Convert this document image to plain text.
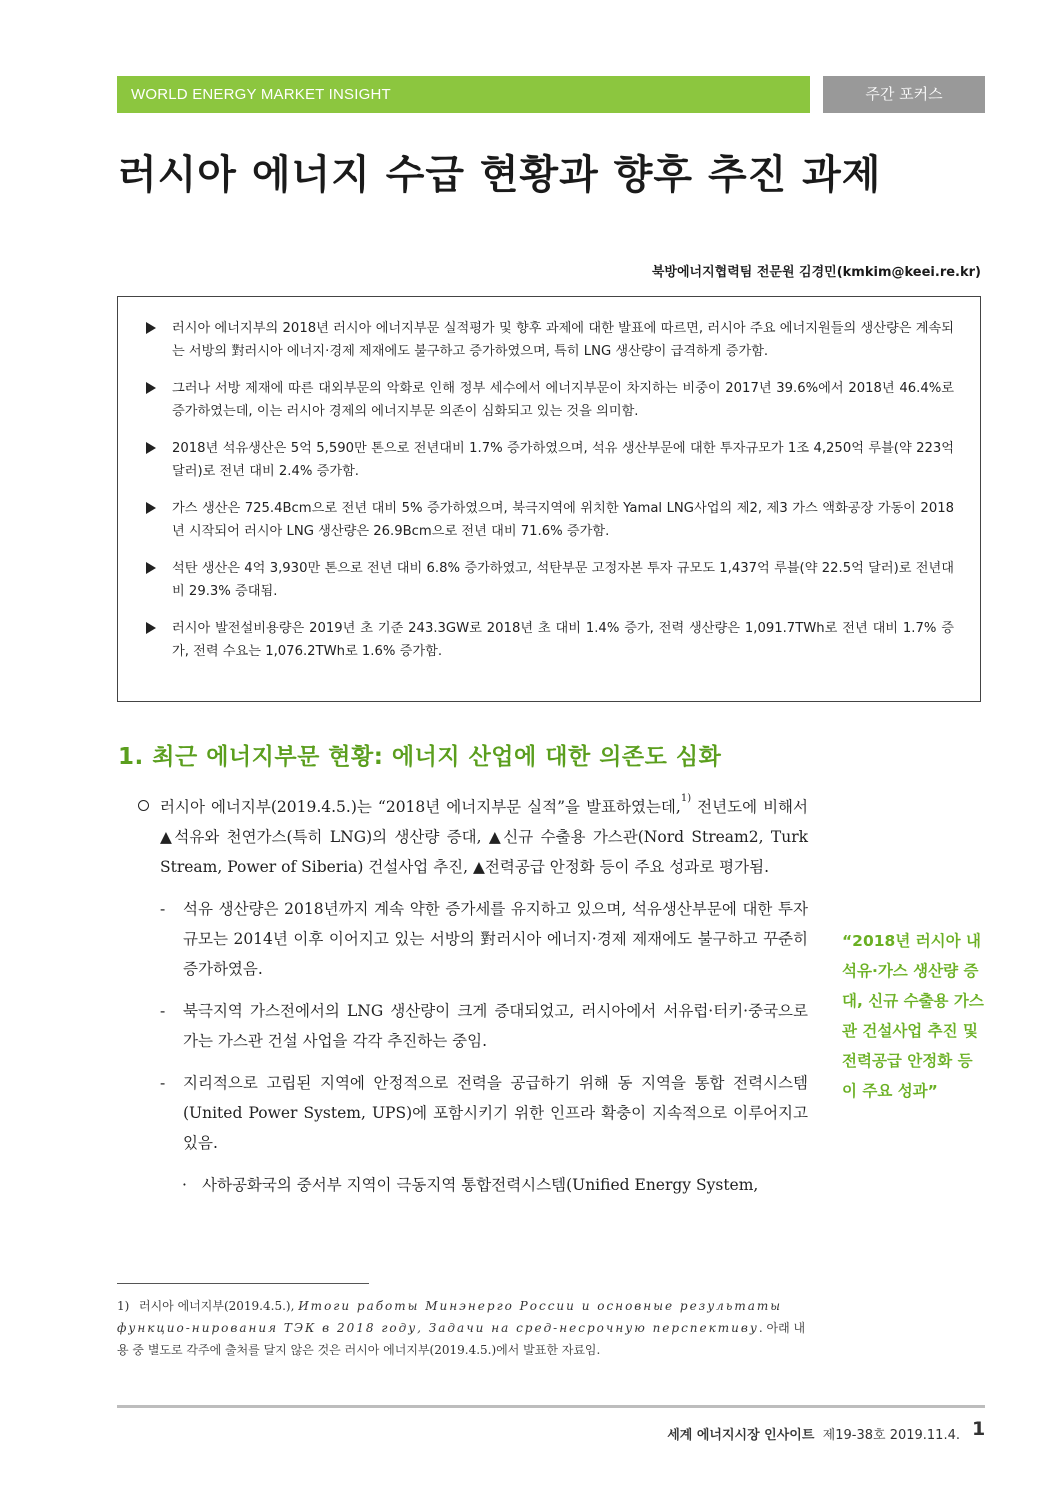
WORLD ENERGY MARKET INSIGHT	주간 포커스
러시아 에너지 수급 현황과 향후 추진 과제
북방에너지협력팀 전문원 김경민(kmkim@keei.re.kr)
러시아 에너지부의 2018년 러시아 에너지부문 실적평가 및 향후 과제에 대한 발표에 따르면, 러시아 주요 에너지원들의 생산량은 계속되는 서방의 對러시아 에너지·경제 제재에도 불구하고 증가하였으며, 특히 LNG 생산량이 급격하게 증가함.
그러나 서방 제재에 따른 대외부문의 악화로 인해 정부 세수에서 에너지부문이 차지하는 비중이 2017년 39.6%에서 2018년 46.4%로 증가하였는데, 이는 러시아 경제의 에너지부문 의존이 심화되고 있는 것을 의미함.
2018년 석유생산은 5억 5,590만 톤으로 전년대비 1.7% 증가하였으며, 석유 생산부문에 대한 투자규모가 1조 4,250억 루블(약 223억 달러)로 전년 대비 2.4% 증가함.
가스 생산은 725.4Bcm으로 전년 대비 5% 증가하였으며, 북극지역에 위치한 Yamal LNG사업의 제2, 제3 가스 액화공장 가동이 2018년 시작되어 러시아 LNG 생산량은 26.9Bcm으로 전년 대비 71.6% 증가함.
석탄 생산은 4억 3,930만 톤으로 전년 대비 6.8% 증가하였고, 석탄부문 고정자본 투자 규모도 1,437억 루블(약 22.5억 달러)로 전년대비 29.3% 증대됨.
러시아 발전설비용량은 2019년 초 기준 243.3GW로 2018년 초 대비 1.4% 증가, 전력 생산량은 1,091.7TWh로 전년 대비 1.7% 증가, 전력 수요는 1,076.2TWh로 1.6% 증가함.
1. 최근 에너지부문 현황: 에너지 산업에 대한 의존도 심화

러시아 에너지부(2019.4.5.)는 “2018년 에너지부문 실적”을 발표하였는데,$^{1)}$ 전년도에 비해서 ▲석유와 천연가스(특히 LNG)의 생산량 증대, ▲신규 수출용 가스관(Nord Stream2, Turk Stream, Power of Siberia) 건설사업 추진, ▲전력공급 안정화 등이 주요 성과로 평가됨.

- 석유 생산량은 2018년까지 계속 약한 증가세를 유지하고 있으며, 석유생산부문에 대한 투자규모는 2014년 이후 이어지고 있는 서방의 對러시아 에너지·경제 제재에도 불구하고 꾸준히 증가하였음.

- 북극지역 가스전에서의 LNG 생산량이 크게 증대되었고, 러시아에서 서유럽·터키·중국으로 가는 가스관 건설 사업을 각각 추진하는 중임.

- 지리적으로 고립된 지역에 안정적으로 전력을 공급하기 위해 동 지역을 통합 전력시스템(United Power System, UPS)에 포함시키기 위한 인프라 확충이 지속적으로 이루어지고 있음.

· 사하공화국의 중서부 지역이 극동지역 통합전력시스템(Unified Energy System,

“2018년 러시아 내 석유·가스 생산량 증대, 신규 수출용 가스관 건설사업 추진 및 전력공급 안정화 등이 주요 성과”

1) 러시아 에너지부(2019.4.5.), Итоги работы Минэнерго России и основные результаты функцио-нирования ТЭК в 2018 году, Задачи на сред-несрочную перспективу. 아래 내용 중 별도로 각주에 출처를 달지 않은 것은 러시아 에너지부(2019.4.5.)에서 발표한 자료임.

세계 에너지시장 인사이트 제19-38호 2019.11.4. 1
